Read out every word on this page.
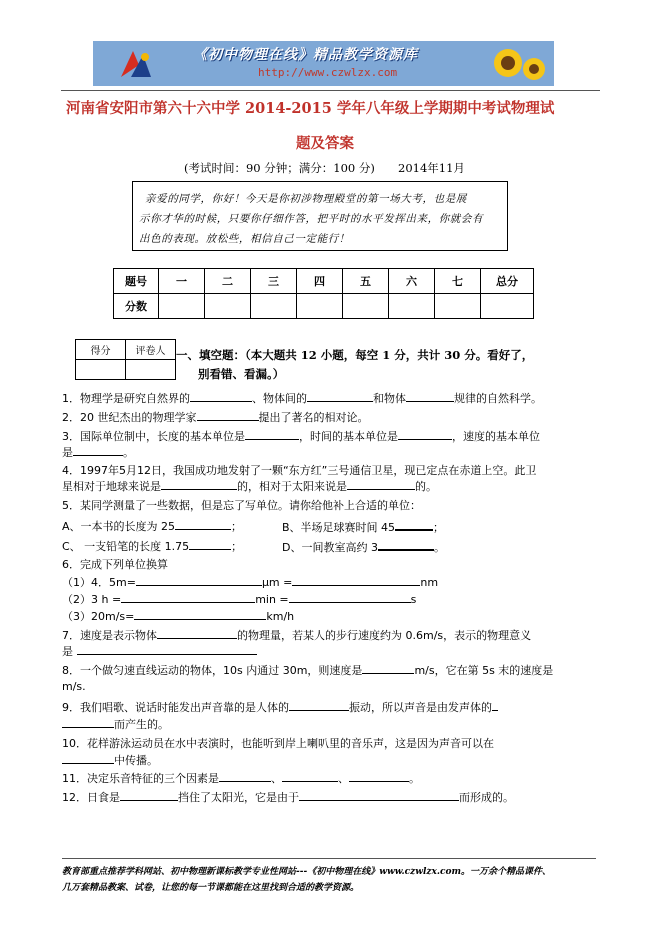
《初中物理在线》精品教学资源库
http://www.czwlzx.com
河南省安阳市第六十六中学 2014-2015 学年八年级上学期期中考试物理试
题及答案
(考试时间：90 分钟；满分：100 分) 2014年11月
亲爱的同学，你好！今天是你初涉物理殿堂的第一场大考，也是展
示你才华的时候，只要你仔细作答，把平时的水平发挥出来，你就会有
出色的表现。放松些，相信自己一定能行！
题号	一	二	三	四	五	六	七	总分
分数								
得分	评卷人
	一、填空题：（本大题共 12 小题，每空 1 分，共计 30 分。看好了，
别看错、看漏。）
1．物理学是研究自然界的	、物体间的	和物体	规律的自然科学。
2．20 世纪杰出的物理学家	提出了著名的相对论。
3．国际单位制中，长度的基本单位是	，时间的基本单位是	，速度的基本单位
是	。
4．1997年5月12日，我国成功地发射了一颗“东方红”三号通信卫星，现已定点在赤道上空。此卫
星相对于地球来说是	的，相对于太阳来说是	的。
5．某同学测量了一些数据，但是忘了写单位。请你给他补上合适的单位：
A、一本书的长度为 25	；	B、半场足球赛时间 45	；
C、 一支铅笔的长度 1.75	；	D、一间教室高约 3	。
6．完成下列单位换算
（1）4．5m=	μm =	nm
（2）3 h =	min =	s
（3）20m/s=	km/h
7．速度是表示物体	的物理量，若某人的步行速度约为 0.6m/s，表示的物理意义
是
8．一个做匀速直线运动的物体，10s 内通过 30m，则速度是	m/s，它在第 5s 末的速度是
m/s.
9．我们唱歌、说话时能发出声音靠的是人体的	振动，所以声音是由发声体的
而产生的。
10．花样游泳运动员在水中表演时，也能听到岸上喇叭里的音乐声，这是因为声音可以在
中传播。
11．决定乐音特征的三个因素是	、	、	。
12．日食是	挡住了太阳光，它是由于	而形成的。
教育部重点推荐学科网站、初中物理新课标教学专业性网站---《初中物理在线》www.czwlzx.com。一万余个精品课件、
几万套精品教案、试卷，让您的每一节课都能在这里找到合适的教学资源。
